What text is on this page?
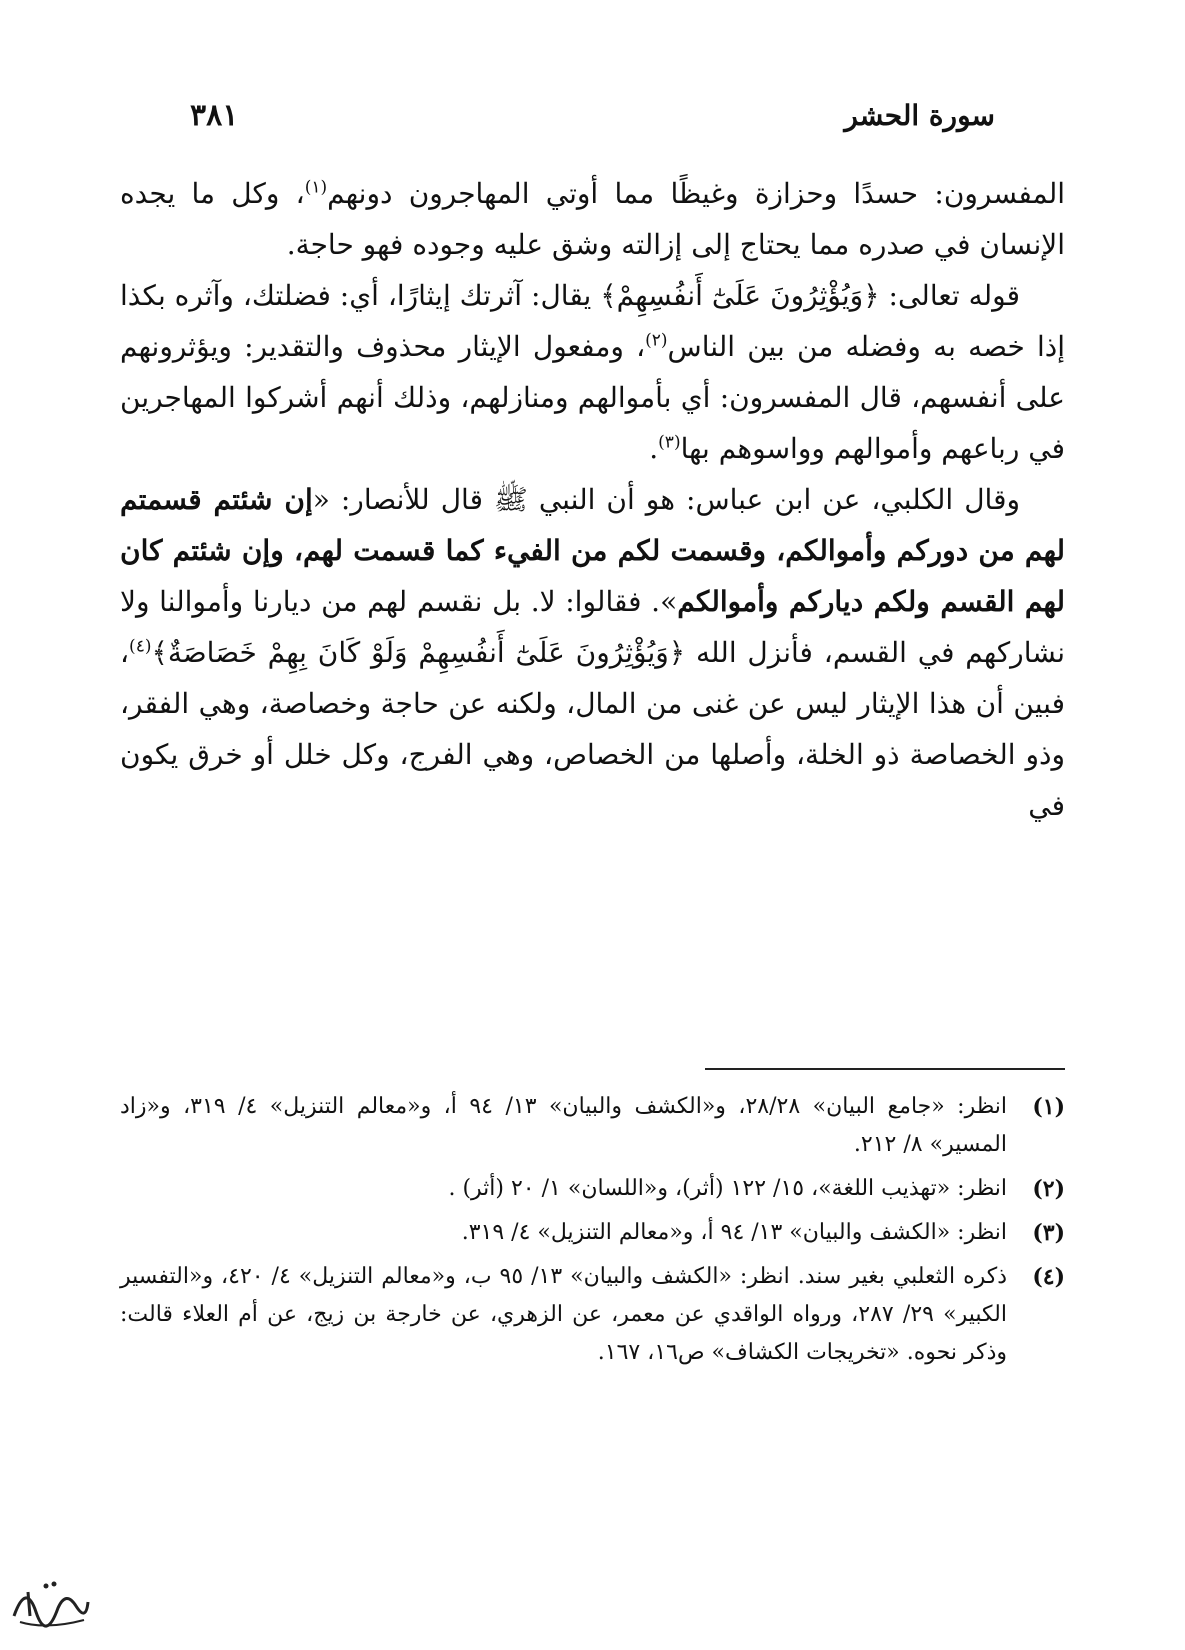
سورة الحشر
٣٨١

المفسرون: حسدًا وحزازة وغيظًا مما أوتي المهاجرون دونهم$^{(١)}$، وكل ما يجده الإنسان في صدره مما يحتاج إلى إزالته وشق عليه وجوده فهو حاجة.

قوله تعالى: ﴿وَيُؤْثِرُونَ عَلَىٰٓ أَنفُسِهِمْ﴾ يقال: آثرتك إيثارًا، أي: فضلتك، وآثره بكذا إذا خصه به وفضله من بين الناس$^{(٢)}$، ومفعول الإيثار محذوف والتقدير: ويؤثرونهم على أنفسهم، قال المفسرون: أي بأموالهم ومنازلهم، وذلك أنهم أشركوا المهاجرين في رباعهم وأموالهم وواسوهم بها$^{(٣)}$.

وقال الكلبي، عن ابن عباس: هو أن النبي ﷺ قال للأنصار: «إن شئتم قسمتم لهم من دوركم وأموالكم، وقسمت لكم من الفيء كما قسمت لهم، وإن شئتم كان لهم القسم ولكم دياركم وأموالكم». فقالوا: لا. بل نقسم لهم من ديارنا وأموالنا ولا نشاركهم في القسم، فأنزل الله ﴿وَيُؤْثِرُونَ عَلَىٰٓ أَنفُسِهِمْ وَلَوْ كَانَ بِهِمْ خَصَاصَةٌ﴾$^{(٤)}$، فبين أن هذا الإيثار ليس عن غنى من المال، ولكنه عن حاجة وخصاصة، وهي الفقر، وذو الخصاصة ذو الخلة، وأصلها من الخصاص، وهي الفرج، وكل خلل أو خرق يكون في

(١)
انظر: «جامع البيان» ٢٨/٢٨، و«الكشف والبيان» ١٣/ ٩٤ أ، و«معالم التنزيل» ٤/ ٣١٩، و«زاد المسير» ٨/ ٢١٢.
(٢)
انظر: «تهذيب اللغة»، ١٥/ ١٢٢ (أثر)، و«اللسان» ١/ ٢٠ (أثر) .
(٣)
انظر: «الكشف والبيان» ١٣/ ٩٤ أ، و«معالم التنزيل» ٤/ ٣١٩.
(٤)
ذكره الثعلبي بغير سند. انظر: «الكشف والبيان» ١٣/ ٩٥ ب، و«معالم التنزيل» ٤/ ٤٢٠، و«التفسير الكبير» ٢٩/ ٢٨٧، ورواه الواقدي عن معمر، عن الزهري، عن خارجة بن زيج، عن أم العلاء قالت: وذكر نحوه. «تخريجات الكشاف» ص١٦، ١٦٧.
